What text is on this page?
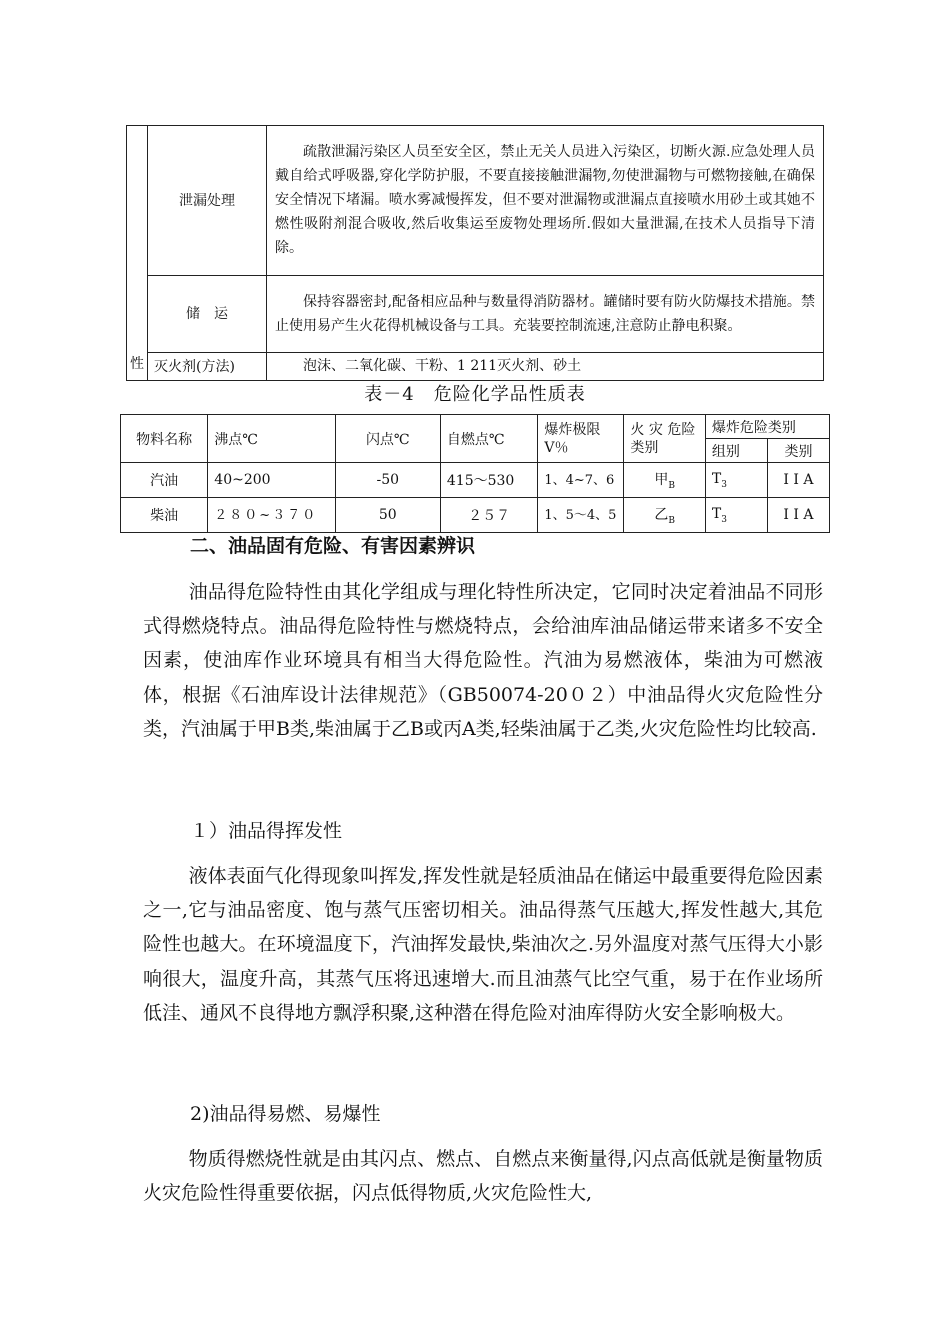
性	泄漏处理	疏散泄漏污染区人员至安全区，禁止无关人员进入污染区，切断火源.应急处理人员戴自给式呼吸器,穿化学防护服，不要直接接触泄漏物,勿使泄漏物与可燃物接触,在确保安全情况下堵漏。喷水雾减慢挥发，但不要对泄漏物或泄漏点直接喷水用砂土或其她不燃性吸附剂混合吸收,然后收集运至废物处理场所.假如大量泄漏,在技术人员指导下清除。
	储　运	保持容器密封,配备相应品种与数量得消防器材。罐储时要有防火防爆技术措施。禁止使用易产生火花得机械设备与工具。充装要控制流速,注意防止静电积聚。
	灭火剂(方法)	泡沫、二氧化碳、干粉、1 211灭火剂、砂土
表－4　危险化学品性质表
物料名称	沸点℃	闪点℃	自燃点℃	爆炸极限V％	火 灾 危险类别	爆炸危险类别	
						组别	类别
汽油	40~200	-50	415～530	1、4~7、6	甲$_B$	$T_3$	I I A
柴油	２８０~３７０	50	２５７	1、5～4、5	乙$_B$	$T_3$	I I A
二、油品固有危险、有害因素辨识
油品得危险特性由其化学组成与理化特性所决定，它同时决定着油品不同形式得燃烧特点。油品得危险特性与燃烧特点，会给油库油品储运带来诸多不安全因素，使油库作业环境具有相当大得危险性。汽油为易燃液体，柴油为可燃液体，根据《石油库设计法律规范》（GB50074-20０２）中油品得火灾危险性分类，汽油属于甲B类,柴油属于乙B或丙A类,轻柴油属于乙类,火灾危险性均比较高.
１）油品得挥发性
液体表面气化得现象叫挥发,挥发性就是轻质油品在储运中最重要得危险因素之一,它与油品密度、饱与蒸气压密切相关。油品得蒸气压越大,挥发性越大,其危险性也越大。在环境温度下，汽油挥发最快,柴油次之.另外温度对蒸气压得大小影响很大，温度升高，其蒸气压将迅速增大.而且油蒸气比空气重，易于在作业场所低洼、通风不良得地方飘浮积聚,这种潜在得危险对油库得防火安全影响极大。
2)油品得易燃、易爆性
物质得燃烧性就是由其闪点、燃点、自燃点来衡量得,闪点高低就是衡量物质火灾危险性得重要依据，闪点低得物质,火灾危险性大,
